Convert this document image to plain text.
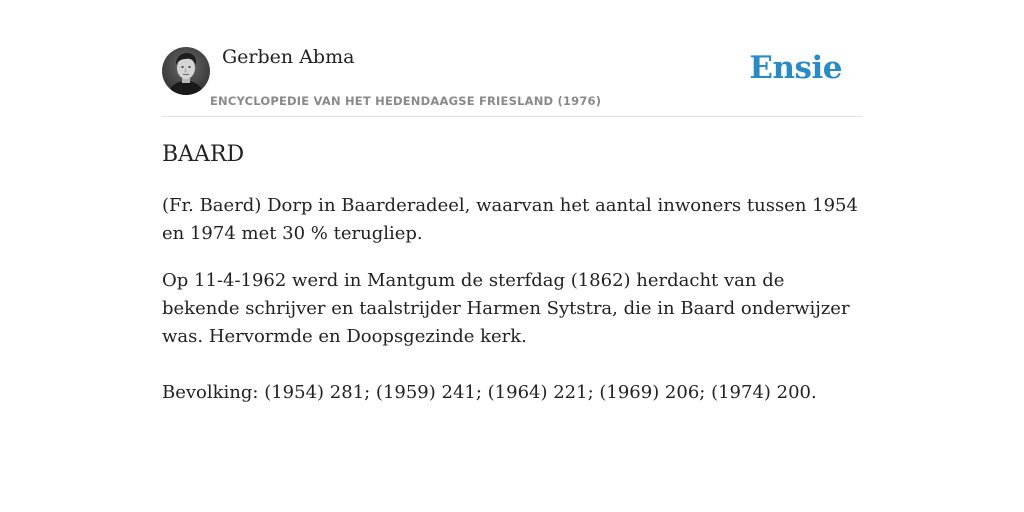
Gerben Abma
ENCYCLOPEDIE VAN HET HEDENDAAGSE FRIESLAND (1976)
Ensie
BAARD

(Fr. Baerd) Dorp in Baarderadeel, waarvan het aantal inwoners tussen 1954 en 1974 met 30 % terugliep.

Op 11-4-1962 werd in Mantgum de sterfdag (1862) herdacht van de bekende schrijver en taalstrijder Harmen Sytstra, die in Baard onderwijzer was. Hervormde en Doopsgezinde kerk.

Bevolking: (1954) 281; (1959) 241; (1964) 221; (1969) 206; (1974) 200.
